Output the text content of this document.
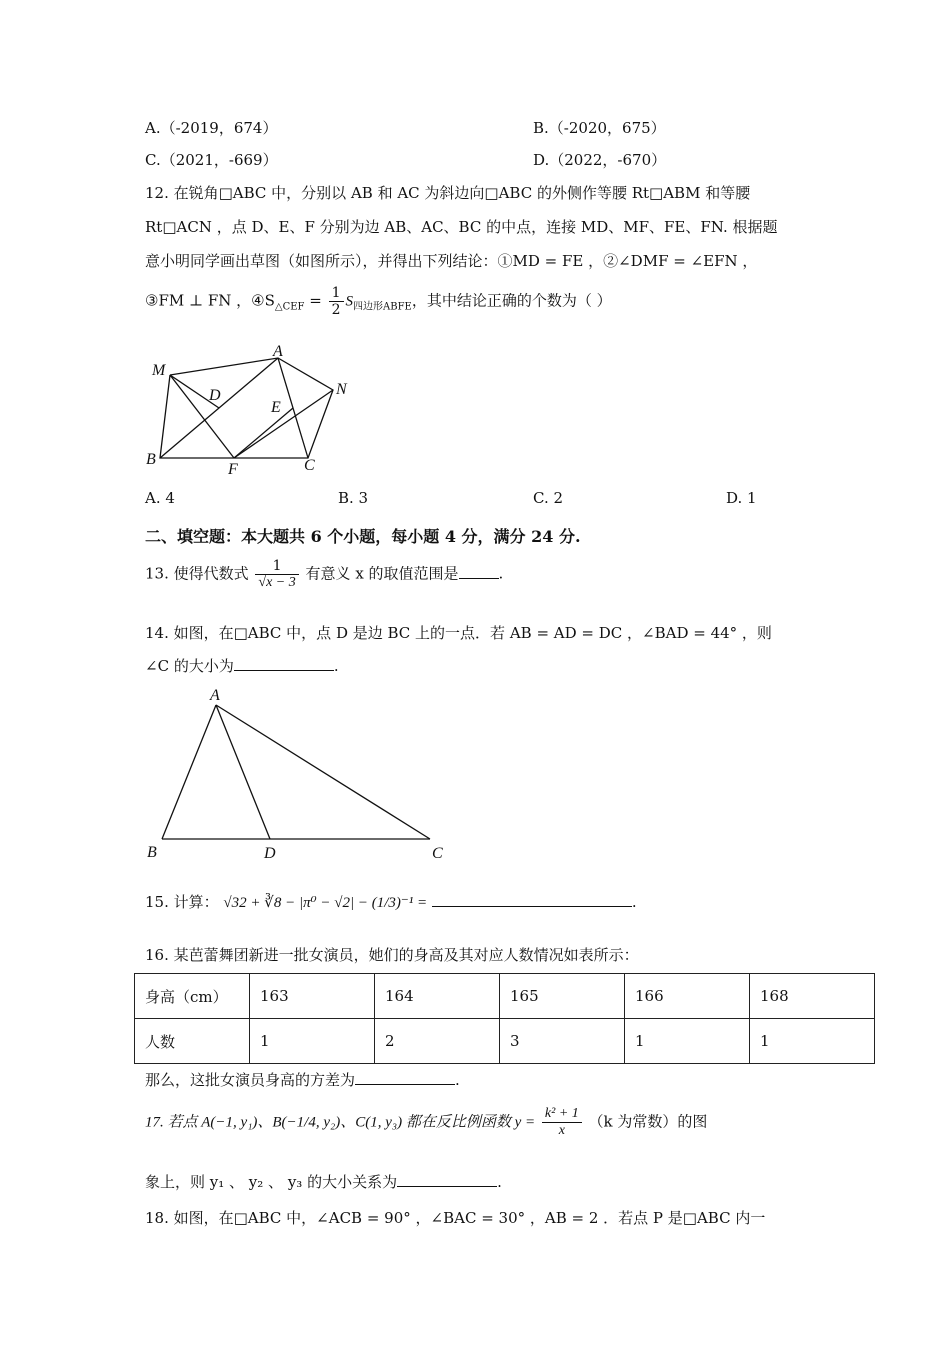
A.（-2019，674）	B.（-2020，675）
C.（2021，-669）	D.（2022，-670）
12. 在锐角□ABC 中，分别以 AB 和 AC 为斜边向□ABC 的外侧作等腰 Rt□ABM 和等腰
Rt□ACN ，点 D、E、F 分别为边 AB、AC、BC 的中点，连接 MD、MF、FE、FN. 根据题
意小明同学画出草图（如图所示），并得出下列结论：①MD = FE ，②∠DMF = ∠EFN ，
③FM ⊥ FN ，$④S_{\triangle CEF} = \frac{1}{2} S_{四边形ABFE}$，其中结论正确的个数为（ ）
M
A
N
D
E
B
F	C
A. 4	B. 3	C. 2	D. 1
二、填空题：本大题共 6 个小题，每小题 4 分，满分 24 分.
13. 使得代数式 $\frac{1}{√x - 3}$ 有意义 x 的取值范围是	.
14. 如图，在□ABC 中，点 D 是边 BC 上的一点．若 AB = AD = DC ，∠BAD = 44° ，则
∠C 的大小为	.
A
B	D	C
15. 计算： √32 + ∛8 − |π⁰ − √2| − (1/3)⁻¹ =	.
16. 某芭蕾舞团新进一批女演员，她们的身高及其对应人数情况如表所示：
身高（cm）	163	164	165	166	168
人数	1	2	3	1	1
那么，这批女演员身高的方差为	.
17. 若点 A(−1, y₁)、B(−1/4, y₂)、C(1, y₃) 都在反比例函数 $y = \frac{\text{k² + 1}}{x} (k$ 为常数）的图
象上，则 y₁ 、 y₂ 、 y₃ 的大小关系为	.
18. 如图，在□ABC 中，∠ACB = 90° ，∠BAC = 30° ，AB = 2 ．若点 P 是□ABC 内一
